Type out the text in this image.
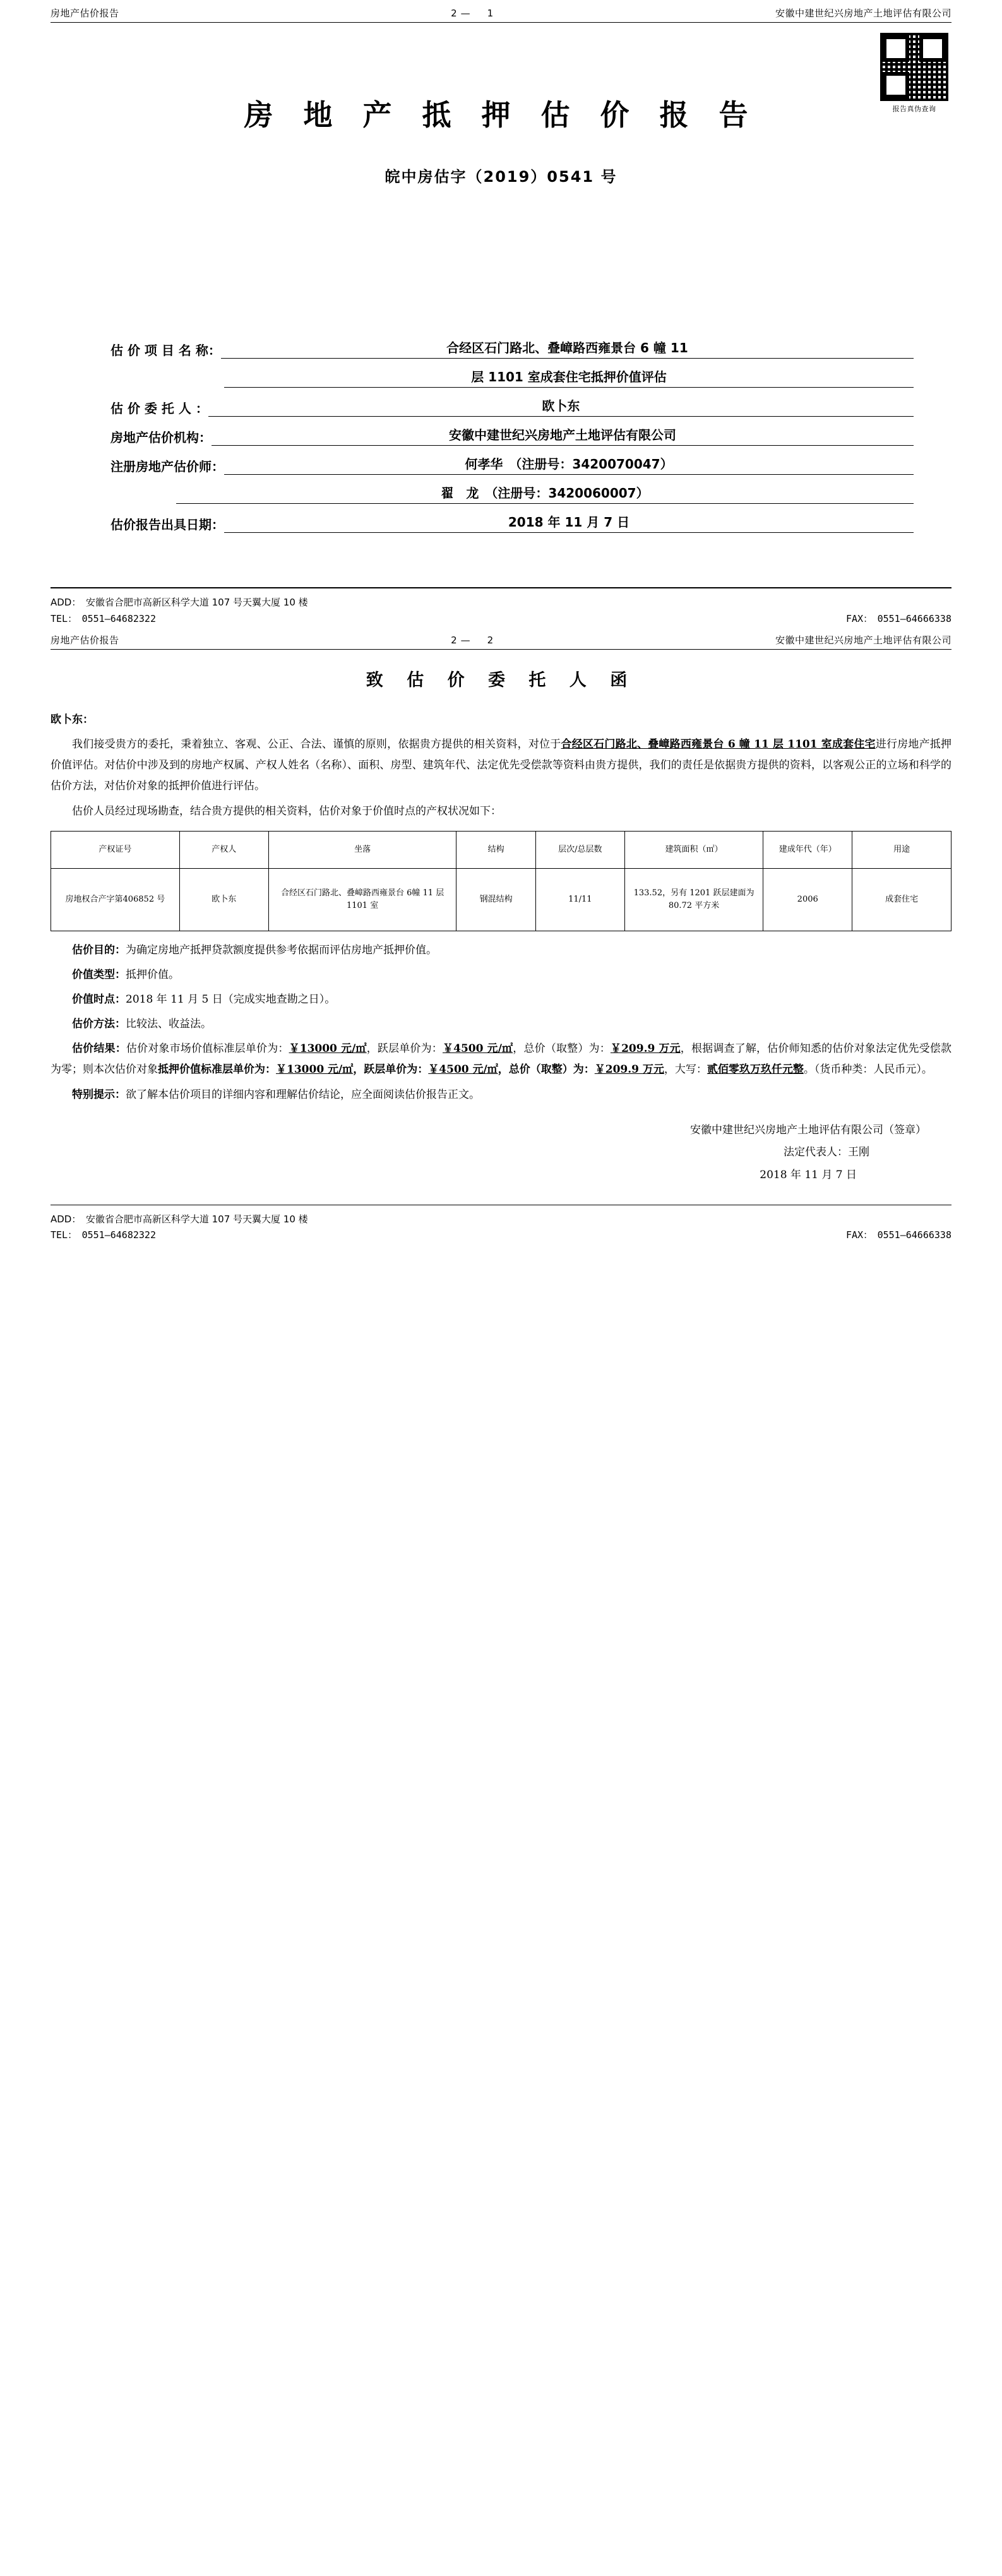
房地产估价报告	2—　1	安徽中建世纪兴房地产土地评估有限公司
报告真伪查询
房 地 产 抵 押 估 价 报 告
皖中房估字（2019）0541 号
估 价 项 目 名 称：	合经区石门路北、叠嶂路西雍景台 6 幢 11
层 1101 室成套住宅抵押价值评估
估 价 委 托 人 ：	欧卜东
房地产估价机构：	安徽中建世纪兴房地产土地评估有限公司
注册房地产估价师：	何孝华　（注册号：3420070047）
翟　龙　（注册号：3420060007）
估价报告出具日期：	2018 年 11 月 7 日
ADD：　安徽省合肥市高新区科学大道 107 号天翼大厦 10 楼
TEL：　0551—64682322	FAX：　0551—64666338
房地产估价报告	2—　2	安徽中建世纪兴房地产土地评估有限公司
致 估 价 委 托 人 函
欧卜东：

我们接受贵方的委托，秉着独立、客观、公正、合法、谨慎的原则，依据贵方提供的相关资料，对位于合经区石门路北、叠嶂路西雍景台 6 幢 11 层 1101 室成套住宅进行房地产抵押价值评估。对估价中涉及到的房地产权属、产权人姓名（名称）、面积、房型、建筑年代、法定优先受偿款等资料由贵方提供，我们的责任是依据贵方提供的资料，以客观公正的立场和科学的估价方法，对估价对象的抵押价值进行评估。

估价人员经过现场勘查，结合贵方提供的相关资料，估价对象于价值时点的产权状况如下：

产权证号	产权人	坐落	结构	层次/总层数	建筑面积（㎡）	建成年代（年）	用途
房地权合产字第406852 号	欧卜东	合经区石门路北、叠嶂路西雍景台 6幢 11 层 1101 室	钢混结构	11/11	133.52，另有 1201 跃层建面为 80.72 平方米	2006	成套住宅

估价目的：为确定房地产抵押贷款额度提供参考依据而评估房地产抵押价值。

价值类型：抵押价值。

价值时点：2018 年 11 月 5 日（完成实地查勘之日）。

估价方法：比较法、收益法。

估价结果：估价对象市场价值标准层单价为：￥13000 元/㎡，跃层单价为：￥4500 元/㎡，总价（取整）为：￥209.9 万元，根据调查了解，估价师知悉的估价对象法定优先受偿款为零；则本次估价对象抵押价值标准层单价为：￥13000 元/㎡，跃层单价为：￥4500 元/㎡，总价（取整）为：￥209.9 万元，大写：贰佰零玖万玖仟元整。（货币种类：人民币元）。

特别提示：欲了解本估价项目的详细内容和理解估价结论，应全面阅读估价报告正文。

安徽中建世纪兴房地产土地评估有限公司（签章）
法定代表人：王刚
2018 年 11 月 7 日
ADD：　安徽省合肥市高新区科学大道 107 号天翼大厦 10 楼
TEL：　0551—64682322	FAX：　0551—64666338
